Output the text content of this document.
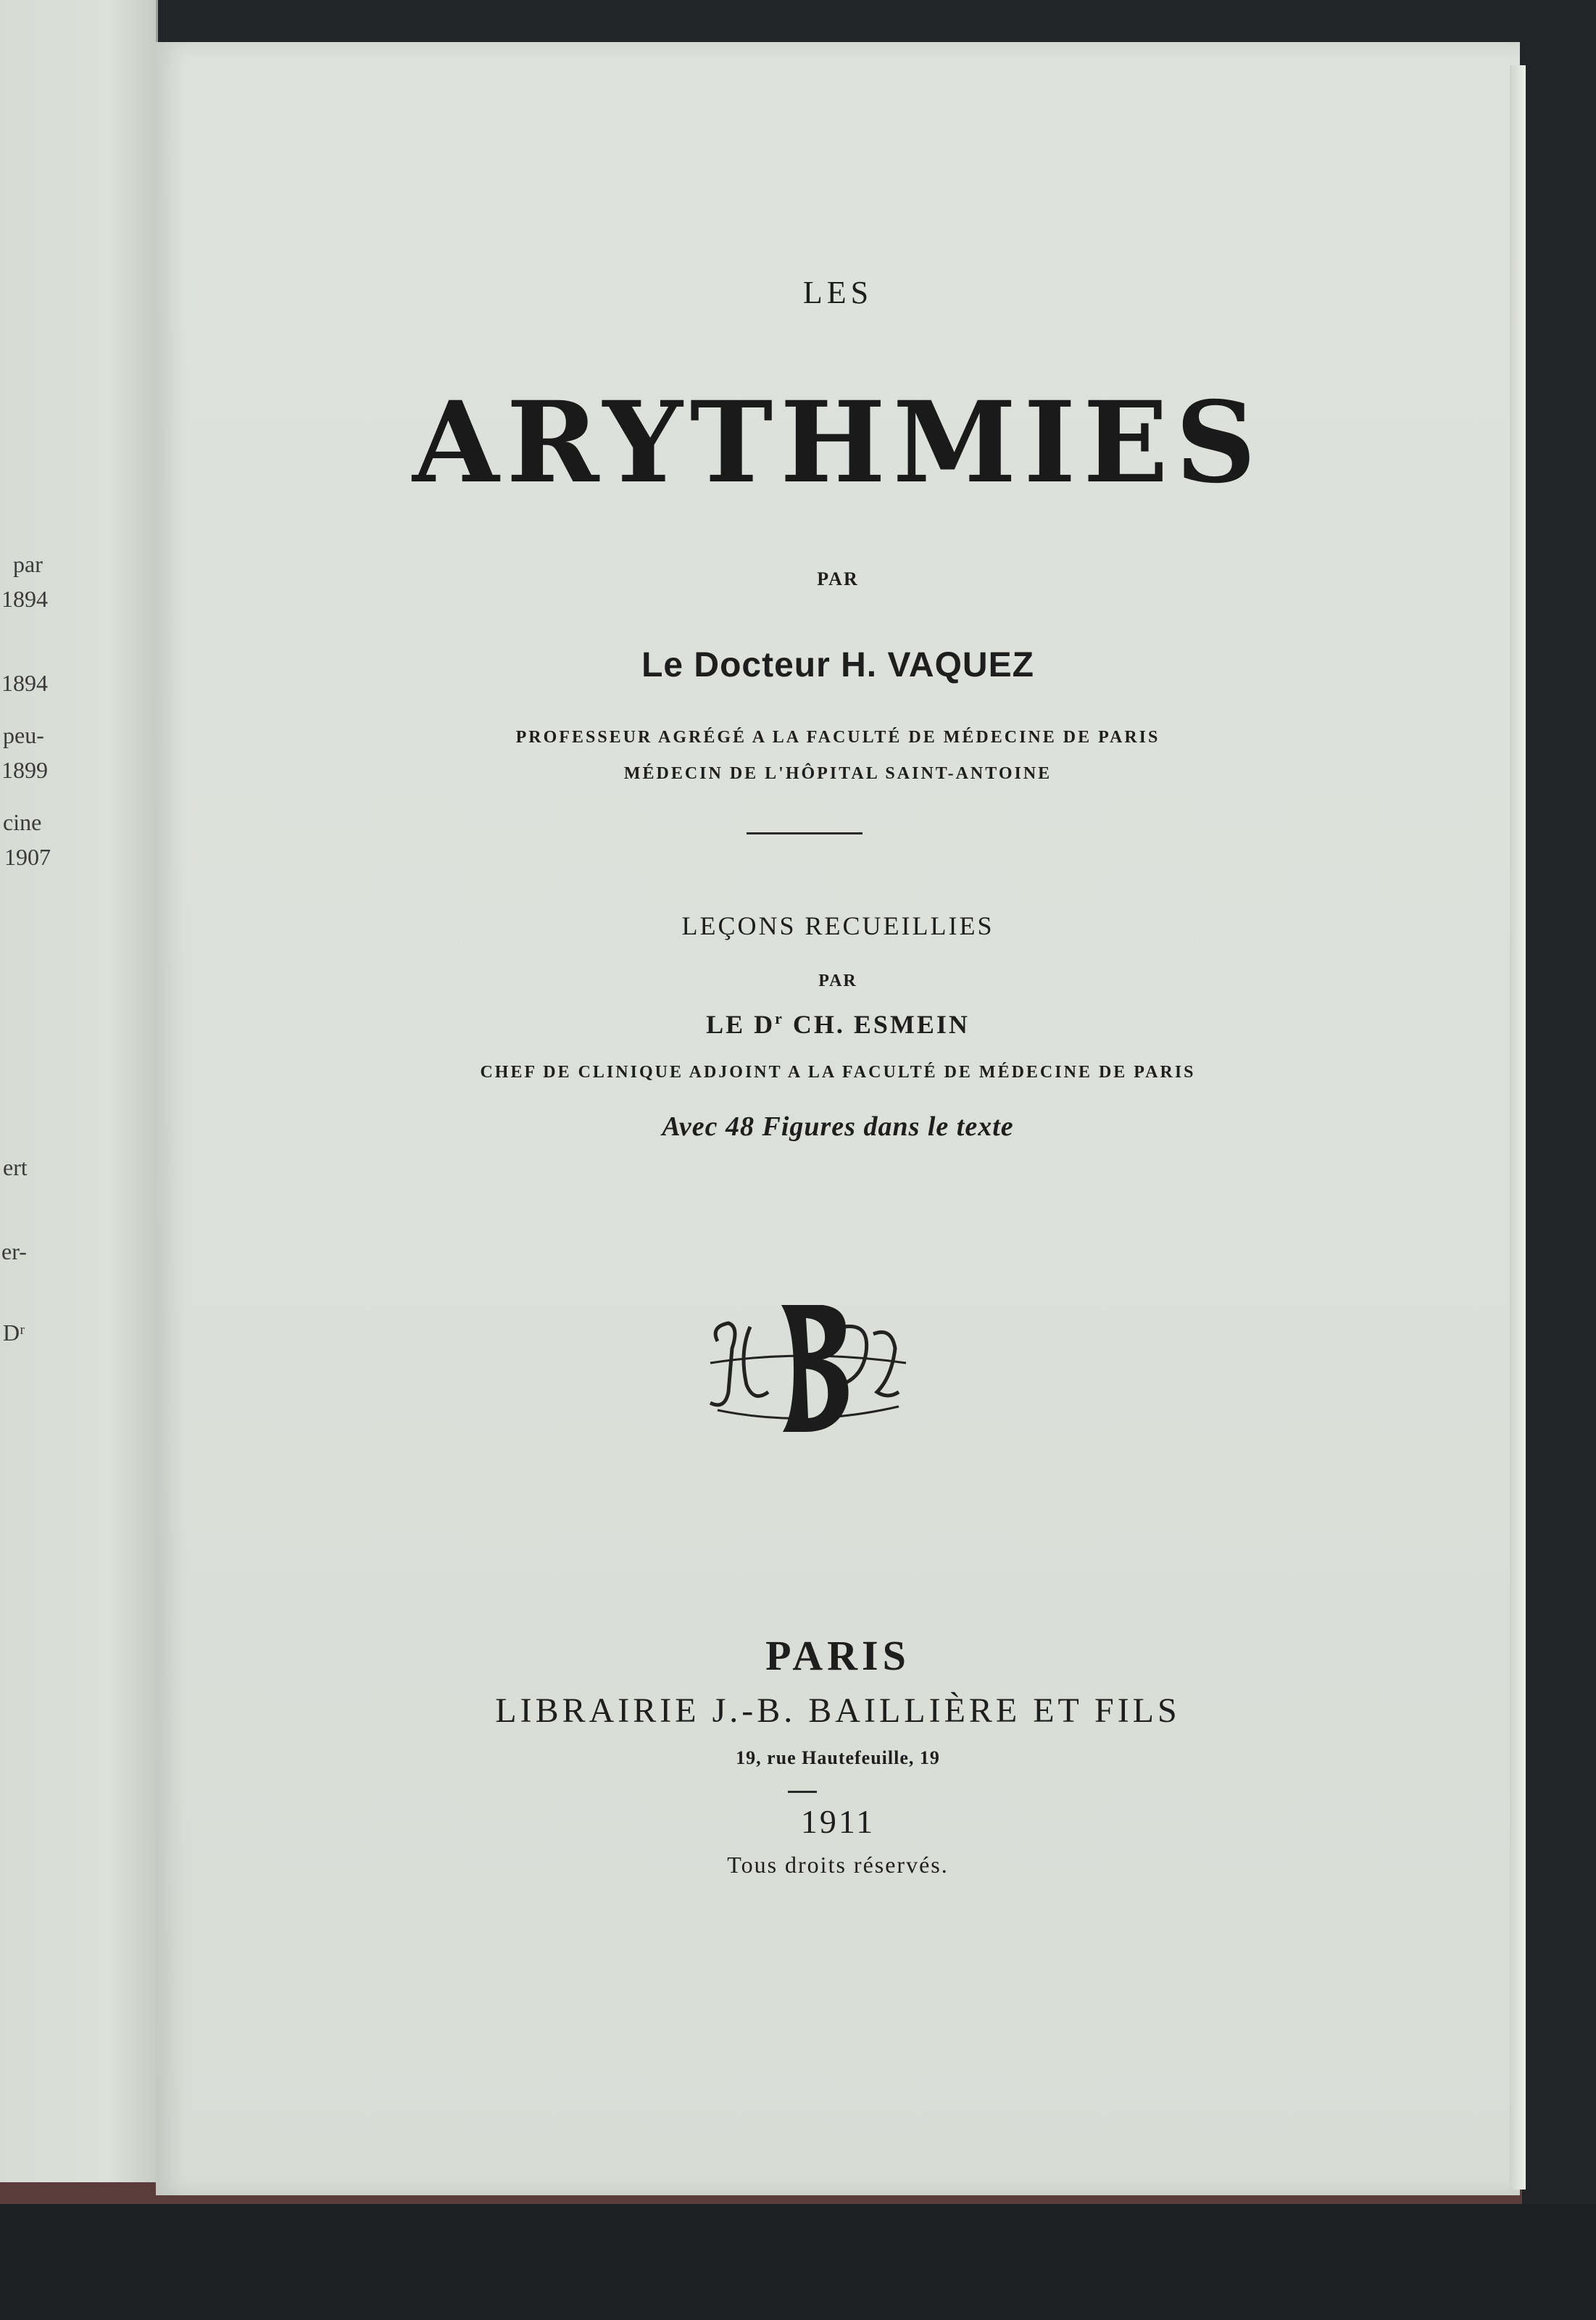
par
1894
1894
peu-
1899
cine
1907
ert
er-
Dʳ
LES
ARYTHMIES
PAR
Le Docteur H. VAQUEZ
PROFESSEUR AGRÉGÉ A LA FACULTÉ DE MÉDECINE DE PARIS
MÉDECIN DE L'HÔPITAL SAINT-ANTOINE
LEÇONS RECUEILLIES
PAR
LE $D^r$ CH. ESMEIN
CHEF DE CLINIQUE ADJOINT A LA FACULTÉ DE MÉDECINE DE PARIS
Avec 48 Figures dans le texte
PARIS
LIBRAIRIE J.-B. BAILLIÈRE ET FILS
19, rue Hautefeuille, 19
1911
Tous droits réservés.
